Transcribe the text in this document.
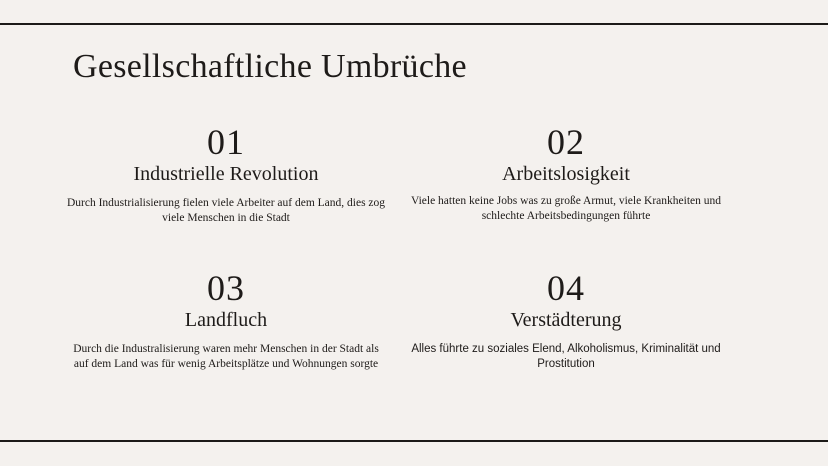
Gesellschaftliche Umbrüche
01
Industrielle Revolution
Durch Industrialisierung fielen viele Arbeiter auf dem Land, dies zog viele Menschen in die Stadt
02
Arbeitslosigkeit
Viele hatten keine Jobs was zu große Armut, viele Krankheiten und schlechte Arbeitsbedingungen führte
03
Landfluch
Durch die Industralisierung waren mehr Menschen in der Stadt als auf dem Land was für wenig Arbeitsplätze und Wohnungen sorgte
04
Verstädterung
Alles führte zu soziales Elend, Alkoholismus, Kriminalität und Prostitution
